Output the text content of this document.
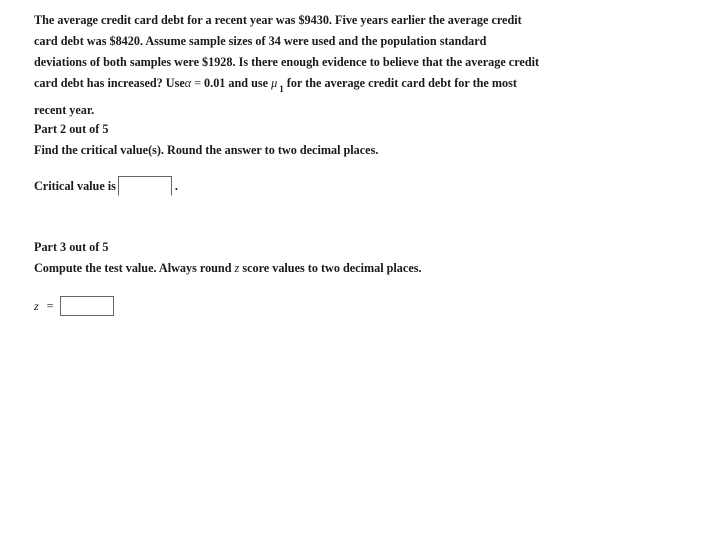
The average credit card debt for a recent year was $9430. Five years earlier the average credit
card debt was $8420. Assume sample sizes of 34 were used and the population standard
deviations of both samples were $1928. Is there enough evidence to believe that the average credit
card debt has increased? Useα = 0.01 and use μ $_1$ for the average credit card debt for the most
recent year.
Part 2 out of 5
Find the critical value(s). Round the answer to two decimal places.
Critical value is	.
Part 3 out of 5
Compute the test value. Always round z score values to two decimal places.
z =
